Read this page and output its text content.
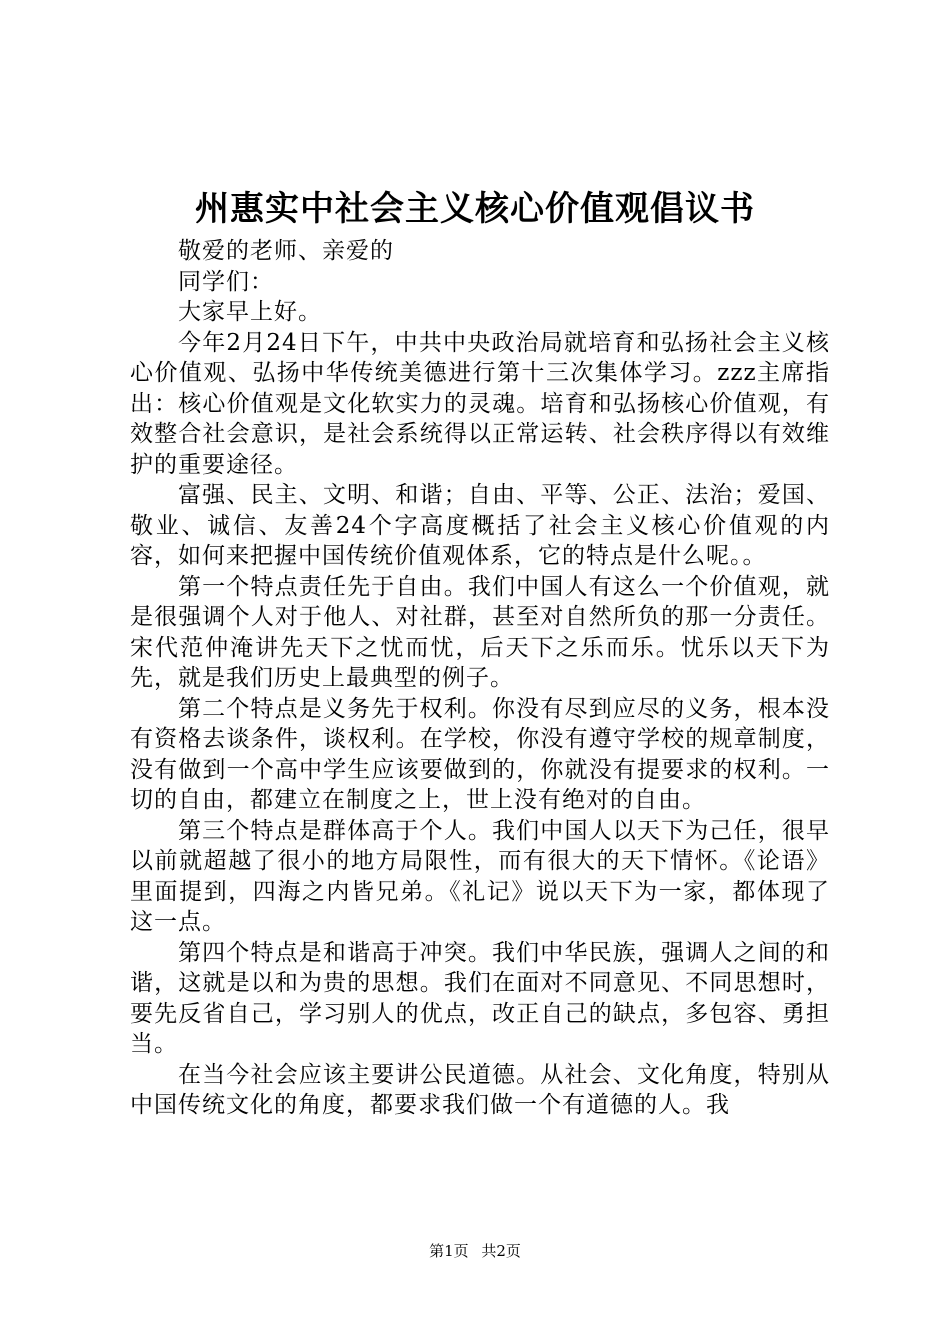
州惠实中社会主义核心价值观倡议书

敬爱的老师、亲爱的

同学们：

大家早上好。

今年2月24日下午，中共中央政治局就培育和弘扬社会主义核心价值观、弘扬中华传统美德进行第十三次集体学习。zzz主席指出：核心价值观是文化软实力的灵魂。培育和弘扬核心价值观，有效整合社会意识，是社会系统得以正常运转、社会秩序得以有效维护的重要途径。

富强、民主、文明、和谐；自由、平等、公正、法治；爱国、敬业、诚信、友善24个字高度概括了社会主义核心价值观的内容，如何来把握中国传统价值观体系，它的特点是什么呢。。

第一个特点责任先于自由。我们中国人有这么一个价值观，就是很强调个人对于他人、对社群，甚至对自然所负的那一分责任。宋代范仲淹讲先天下之忧而忧，后天下之乐而乐。忧乐以天下为先，就是我们历史上最典型的例子。

第二个特点是义务先于权利。你没有尽到应尽的义务，根本没有资格去谈条件，谈权利。在学校，你没有遵守学校的规章制度，没有做到一个高中学生应该要做到的，你就没有提要求的权利。一切的自由，都建立在制度之上，世上没有绝对的自由。

第三个特点是群体高于个人。我们中国人以天下为己任，很早以前就超越了很小的地方局限性，而有很大的天下情怀。《论语》里面提到，四海之内皆兄弟。《礼记》说以天下为一家，都体现了这一点。

第四个特点是和谐高于冲突。我们中华民族，强调人之间的和谐，这就是以和为贵的思想。我们在面对不同意见、不同思想时，要先反省自己，学习别人的优点，改正自己的缺点，多包容、勇担当。

在当今社会应该主要讲公民道德。从社会、文化角度，特别从中国传统文化的角度，都要求我们做一个有道德的人。我

第1页 共2页
